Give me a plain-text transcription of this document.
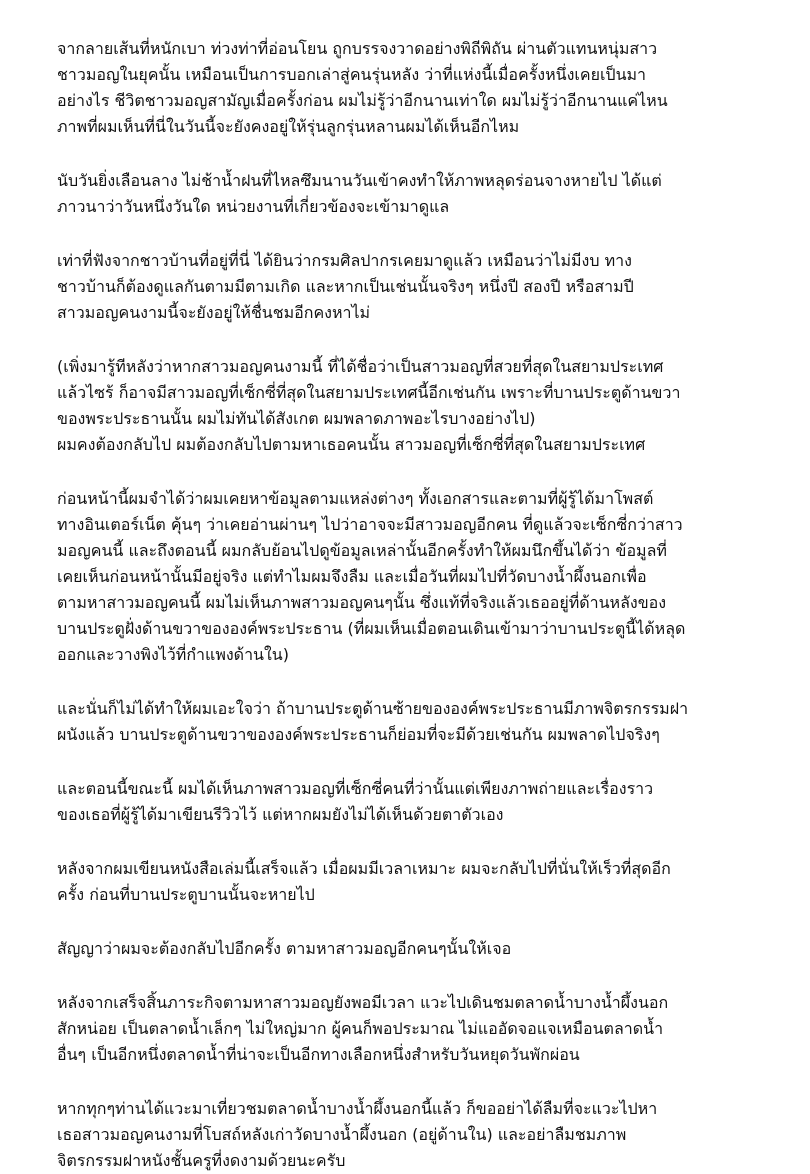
จากลายเส้นที่หนักเบา ท่วงท่าที่อ่อนโยน ถูกบรรจงวาดอย่างพิถีพิถัน ผ่านตัวแทนหนุ่มสาว
ชาวมอญในยุคนั้น เหมือนเป็นการบอกเล่าสู่คนรุ่นหลัง ว่าที่แห่งนี้เมื่อครั้งหนึ่งเคยเป็นมา
อย่างไร ชีวิตชาวมอญสามัญเมื่อครั้งก่อน ผมไม่รู้ว่าอีกนานเท่าใด ผมไม่รู้ว่าอีกนานแค่ไหน
ภาพที่ผมเห็นที่นี่ในวันนี้จะยังคงอยู่ให้รุ่นลูกรุ่นหลานผมได้เห็นอีกไหม

นับวันยิ่งเลือนลาง ไม่ช้าน้ำฝนที่ไหลซึมนานวันเข้าคงทำให้ภาพหลุดร่อนจางหายไป ได้แต่
ภาวนาว่าวันหนึ่งวันใด หน่วยงานที่เกี่ยวข้องจะเข้ามาดูแล

เท่าที่ฟังจากชาวบ้านที่อยู่ที่นี่ ได้ยินว่ากรมศิลปากรเคยมาดูแล้ว เหมือนว่าไม่มีงบ ทาง
ชาวบ้านก็ต้องดูแลกันตามมีตามเกิด และหากเป็นเช่นนั้นจริงๆ หนึ่งปี สองปี หรือสามปี
สาวมอญคนงามนี้จะยังอยู่ให้ชื่นชมอีกคงหาไม่

(เพิ่งมารู้ทีหลังว่าหากสาวมอญคนงามนี้ ที่ได้ชื่อว่าเป็นสาวมอญที่สวยที่สุดในสยามประเทศ
แล้วไซร้ ก็อาจมีสาวมอญที่เซ็กซี่ที่สุดในสยามประเทศนี้อีกเช่นกัน เพราะที่บานประตูด้านขวา
ของพระประธานนั้น ผมไม่ทันได้สังเกต ผมพลาดภาพอะไรบางอย่างไป)
ผมคงต้องกลับไป ผมต้องกลับไปตามหาเธอคนนั้น สาวมอญที่เซ็กซี่ที่สุดในสยามประเทศ

ก่อนหน้านี้ผมจำได้ว่าผมเคยหาข้อมูลตามแหล่งต่างๆ ทั้งเอกสารและตามที่ผู้รู้ได้มาโพสต์
ทางอินเตอร์เน็ต คุ้นๆ ว่าเคยอ่านผ่านๆ ไปว่าอาจจะมีสาวมอญอีกคน ที่ดูแล้วจะเซ็กซี่กว่าสาว
มอญคนนี้ และถึงตอนนี้ ผมกลับย้อนไปดูข้อมูลเหล่านั้นอีกครั้งทำให้ผมนึกขึ้นได้ว่า ข้อมูลที่
เคยเห็นก่อนหน้านั้นมีอยู่จริง แต่ทำไมผมจึงลืม และเมื่อวันที่ผมไปที่วัดบางน้ำผึ้งนอกเพื่อ
ตามหาสาวมอญคนนี้ ผมไม่เห็นภาพสาวมอญคนๆนั้น ซึ่งแท้ที่จริงแล้วเธออยู่ที่ด้านหลังของ
บานประตูฝั่งด้านขวาขององค์พระประธาน (ที่ผมเห็นเมื่อตอนเดินเข้ามาว่าบานประตูนี้ได้หลุด
ออกและวางพิงไว้ที่กำแพงด้านใน)

และนั่นก็ไม่ได้ทำให้ผมเอะใจว่า ถ้าบานประตูด้านซ้ายขององค์พระประธานมีภาพจิตรกรรมฝา
ผนังแล้ว บานประตูด้านขวาขององค์พระประธานก็ย่อมที่จะมีด้วยเช่นกัน ผมพลาดไปจริงๆ

และตอนนี้ขณะนี้ ผมได้เห็นภาพสาวมอญที่เซ็กซี่คนที่ว่านั้นแต่เพียงภาพถ่ายและเรื่องราว
ของเธอที่ผู้รู้ได้มาเขียนรีวิวไว้ แต่หากผมยังไม่ได้เห็นด้วยตาตัวเอง

หลังจากผมเขียนหนังสือเล่มนี้เสร็จแล้ว เมื่อผมมีเวลาเหมาะ ผมจะกลับไปที่นั่นให้เร็วที่สุดอีก
ครั้ง ก่อนที่บานประตูบานนั้นจะหายไป

สัญญาว่าผมจะต้องกลับไปอีกครั้ง ตามหาสาวมอญอีกคนๆนั้นให้เจอ

หลังจากเสร็จสิ้นภาระกิจตามหาสาวมอญยังพอมีเวลา แวะไปเดินชมตลาดน้ำบางน้ำผึ้งนอก
สักหน่อย เป็นตลาดน้ำเล็กๆ ไม่ใหญ่มาก ผู้คนก็พอประมาณ ไม่แออัดจอแจเหมือนตลาดน้ำ
อื่นๆ เป็นอีกหนึ่งตลาดน้ำที่น่าจะเป็นอีกทางเลือกหนึ่งสำหรับวันหยุดวันพักผ่อน

หากทุกๆท่านได้แวะมาเที่ยวชมตลาดน้ำบางน้ำผึ้งนอกนี้แล้ว ก็ขออย่าได้ลืมที่จะแวะไปหา
เธอสาวมอญคนงามที่โบสถ์หลังเก่าวัดบางน้ำผึ้งนอก (อยู่ด้านใน) และอย่าลืมชมภาพ
จิตรกรรมฝาหนังชั้นครูที่งดงามด้วยนะครับ
